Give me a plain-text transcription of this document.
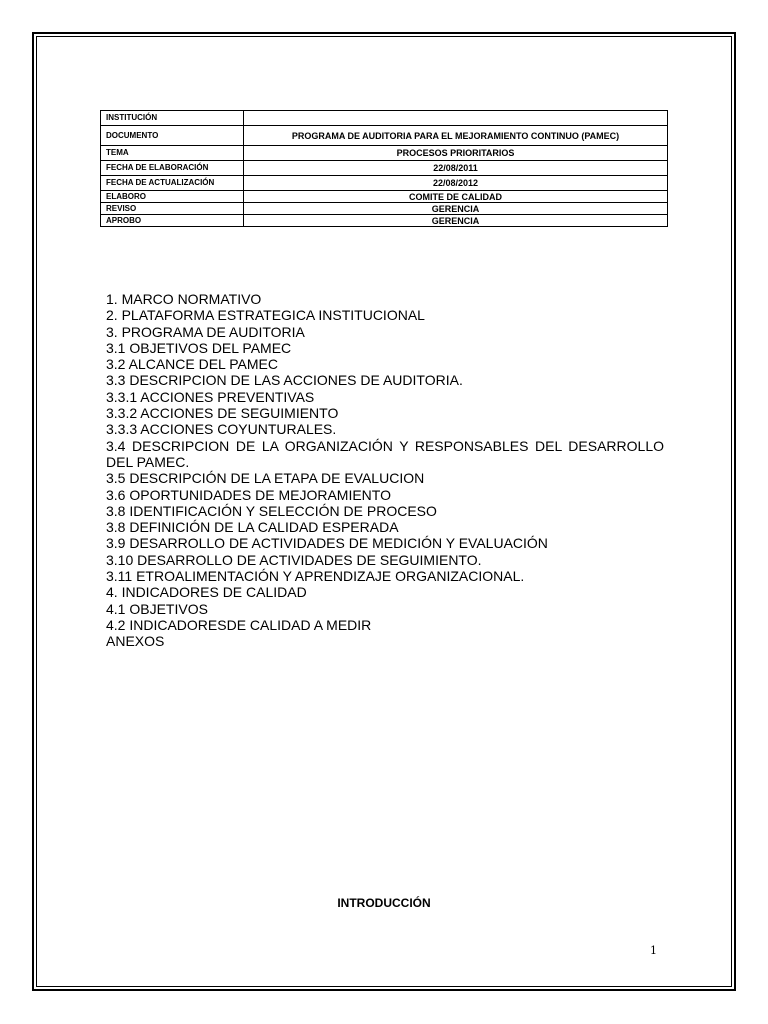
INSTITUCIÓN	
DOCUMENTO	PROGRAMA DE AUDITORIA PARA EL MEJORAMIENTO CONTINUO (PAMEC)
TEMA	PROCESOS PRIORITARIOS
FECHA DE ELABORACIÓN	22/08/2011
FECHA DE ACTUALIZACIÓN	22/08/2012
ELABORO	COMITE DE CALIDAD
REVISO	GERENCIA
APROBO	GERENCIA
1. MARCO NORMATIVO
2. PLATAFORMA ESTRATEGICA INSTITUCIONAL
3. PROGRAMA DE AUDITORIA
3.1 OBJETIVOS DEL PAMEC
3.2 ALCANCE DEL PAMEC
3.3 DESCRIPCION DE LAS ACCIONES DE AUDITORIA.
3.3.1 ACCIONES PREVENTIVAS
3.3.2 ACCIONES DE SEGUIMIENTO
3.3.3 ACCIONES COYUNTURALES.
3.4 DESCRIPCION DE LA ORGANIZACIÓN Y RESPONSABLES DEL DESARROLLO
DEL PAMEC.
3.5 DESCRIPCIÓN DE LA ETAPA DE EVALUCION
3.6 OPORTUNIDADES DE MEJORAMIENTO
3.8 IDENTIFICACIÓN Y SELECCIÓN DE PROCESO
3.8 DEFINICIÓN DE LA CALIDAD ESPERADA
3.9 DESARROLLO DE ACTIVIDADES DE MEDICIÓN Y EVALUACIÓN
3.10 DESARROLLO DE ACTIVIDADES DE SEGUIMIENTO.
3.11 ETROALIMENTACIÓN Y APRENDIZAJE ORGANIZACIONAL.
4. INDICADORES DE CALIDAD
4.1 OBJETIVOS
4.2 INDICADORESDE CALIDAD A MEDIR
ANEXOS
INTRODUCCIÓN
1
